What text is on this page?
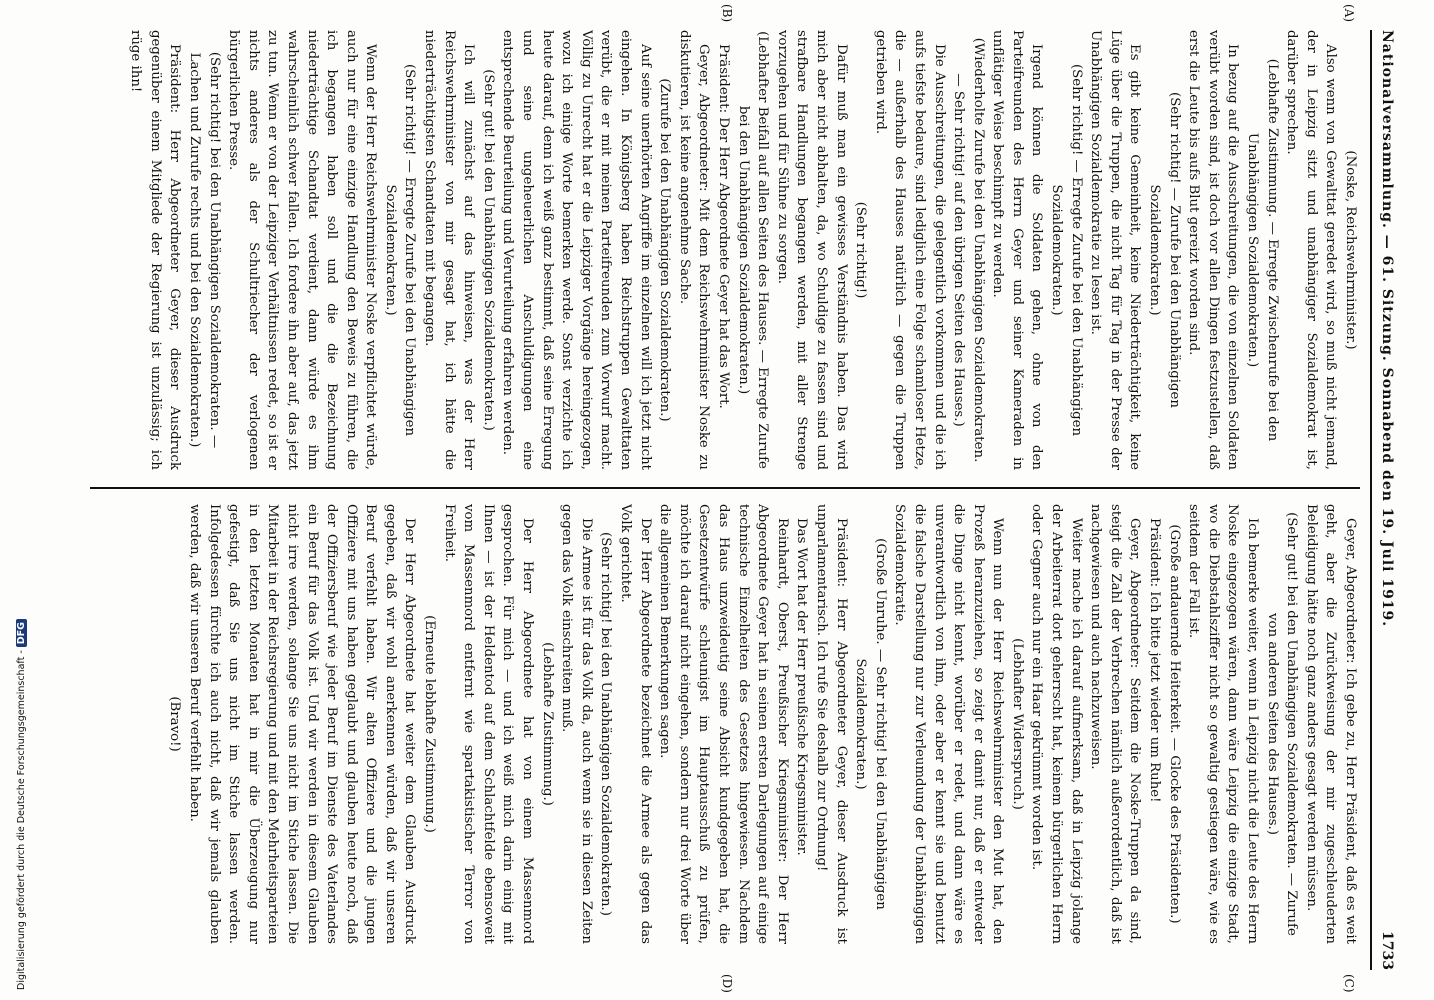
Nationalversammlung. — 61. Sitzung. Sonnabend den 19. Juli 1919.
1733
(A)
(B)
(C)
(D)

(Noske, Reichswehrminister.)

Also wenn von Gewalttat geredet wird, so muß nicht jemand, der in Leipzig sitzt und unabhängiger Sozialdemokrat ist, darüber sprechen.

(Lebhafte Zustimmung. — Erregte Zwischenrufe bei den Unabhängigen Sozialdemokraten.)

In bezug auf die Ausschreitungen, die von einzelnen Soldaten verübt worden sind, ist doch vor allen Dingen festzustellen, daß erst die Leute bis aufs Blut gereizt worden sind.

(Sehr richtig! — Zurufe bei den Unabhängigen Sozialdemokraten.)

Es gibt keine Gemeinheit, keine Niederträchtigkeit, keine Lüge über die Truppen, die nicht Tag für Tag in der Presse der Unabhängigen Sozialdemokratie zu lesen ist.

(Sehr richtig! — Erregte Zurufe bei den Unabhängigen Sozialdemokraten.)

Irgend können die Soldaten gehen, ohne von den Parteifreunden des Herrn Geyer und seiner Kameraden in unflätiger Weise beschimpft zu werden.

(Wiederholte Zurufe bei den Unabhängigen Sozialdemokraten. — Sehr richtig! auf den übrigen Seiten des Hauses.)

Die Ausschreitungen, die gelegentlich vorkommen und die ich aufs tiefste bedaure, sind lediglich eine Folge schamloser Hetze, die — außerhalb des Hauses natürlich — gegen die Truppen getrieben wird.

(Sehr richtig!)

Dafür muß man ein gewisses Verständnis haben. Das wird mich aber nicht abhalten, da, wo Schuldige zu fassen sind und strafbare Handlungen begangen werden, mit aller Strenge vorzugehen und für Sühne zu sorgen.

(Lebhafter Beifall auf allen Seiten des Hauses. — Erregte Zurufe bei den Unabhängigen Sozialdemokraten.)

Präsident: Der Herr Abgeordnete Geyer hat das Wort.

Geyer, Abgeordneter: Mit dem Reichswehrminister Noske zu diskutieren, ist keine angenehme Sache.

(Zurufe bei den Unabhängigen Sozialdemokraten.)

Auf seine unerhörten Angriffe im einzelnen will ich jetzt nicht eingehen. In Königsberg haben Reichstruppen Gewalttaten verübt, die er mit meinen Parteifreunden zum Vorwurf macht. Völlig zu Unrecht hat er die Leipziger Vorgänge hereingezogen, wozu ich einige Worte bemerken werde. Sonst verzichte ich heute darauf, denn ich weiß ganz bestimmt, daß seine Erregung und seine ungeheuerlichen Anschuldigungen eine entsprechende Beurteilung und Verurteilung erfahren werden.

(Sehr gut! bei den Unabhängigen Sozialdemokraten.)

Ich will zunächst auf das hinweisen, was der Herr Reichswehrminister von mir gesagt hat, ich hätte die niederträchtigsten Schandtaten mit begangen.

(Sehr richtig! — Erregte Zurufe bei den Unabhängigen Sozialdemokraten.)

Wenn der Herr Reichswehrminister Noske verpflichtet würde, auch nur für eine einzige Handlung den Beweis zu führen, die ich begangen haben soll und die die Bezeichnung niederträchtige Schandtat verdient, dann würde es ihm wahrscheinlich schwer fallen. Ich fordere ihn aber auf, das jetzt zu tun. Wenn er von der Leipziger Verhältnissen redet, so ist er nichts anderes als der Schultriecher der verlogenen bürgerlichen Presse.

(Sehr richtig! bei den Unabhängigen Sozialdemokraten. — Lachen und Zurufe rechts und bei den Sozialdemokraten.)

Präsident: Herr Abgeordneter Geyer, dieser Ausdruck gegenüber einem Mitgliede der Regierung ist unzulässig; ich rüge ihn!

Geyer, Abgeordneter: Ich gebe zu, Herr Präsident, daß es weit geht, aber die Zurückweisung der mir zugeschleuderten Beleidigung hätte noch ganz anders gesagt werden müssen.

(Sehr gut! bei den Unabhängigen Sozialdemokraten. — Zurufe von anderen Seiten des Hauses.)

Ich bemerke weiter, wenn in Leipzig nicht die Leute des Herrn Noske eingezogen wären, dann wäre Leipzig die einzige Stadt, wo die Diebstahlsziffer nicht so gewaltig gestiegen wäre, wie es seitdem der Fall ist.

(Große andauernde Heiterkeit. — Glocke des Präsidenten.)

Präsident: Ich bitte jetzt wieder um Ruhe!

Geyer, Abgeordneter: Seitdem die Noske-Truppen da sind, steigt die Zahl der Verbrechen nämlich außerordentlich, daß ist nachgewiesen und auch nachzuweisen.

Weiter mache ich darauf aufmerksam, daß in Leipzig jolange der Arbeiterrat dort geherrscht hat, keinem bürgerlichen Herrn oder Gegner auch nur ein Haar gekrümmt worden ist.

(Lebhafter Widerspruch.)

Wenn nun der Herr Reichswehrminister den Mut hat, den Prozeß heranzuziehen, so zeigt er damit nur, daß er entweder die Dinge nicht kennt, worüber er redet, und dann wäre es unverantwortlich von ihm, oder aber er kennt sie und benutzt die falsche Darstellung nur zur Verleumdung der Unabhängigen Sozialdemokratie.

(Große Unruhe. — Sehr richtig! bei den Unabhängigen Sozialdemokraten.)

Präsident: Herr Abgeordneter Geyer, dieser Ausdruck ist unparlamentarisch. Ich rufe Sie deshalb zur Ordnung!

Das Wort hat der Herr preußische Kriegsminister.

Reinhardt, Oberst, Preußischer Kriegsminister: Der Herr Abgeordnete Geyer hat in seinen ersten Darlegungen auf einige technische Einzelheiten des Gesetzes hingewiesen. Nachdem das Haus unzweideutig seine Absicht kundgegeben hat, die Gesetzentwürfe schleunigst im Hauptausschuß zu prüfen, möchte ich darauf nicht eingehen, sondern nur drei Worte über die allgemeinen Bemerkungen sagen.

Der Herr Abgeordnete bezeichnet die Armee als gegen das Volk gerichtet.

(Sehr richtig! bei den Unabhängigen Sozialdemokraten.)

Die Armee ist für das Volk da, auch wenn sie in diesen Zeiten gegen das Volk einschreiten muß.

(Lebhafte Zustimmung.)

Der Herr Abgeordnete hat von einem Massenmord gesprochen. Für mich — und ich weiß mich darin einig mit Ihnen — ist der Heldentod auf dem Schlachtfelde ebensoweit vom Massenmord entfernt wie spartakistischer Terror von Freiheit.

(Erneute lebhafte Zustimmung.)

Der Herr Abgeordnete hat weiter dem Glauben Ausdruck gegeben, daß wir wohl anerkennen würden, daß wir unseren Beruf verfehlt haben. Wir alten Offiziere und die jungen Offiziere mit uns haben geglaubt und glauben heute noch, daß der Offiziersberuf wie jeder Beruf im Dienste des Vaterlandes ein Beruf für das Volk ist. Und wir werden in diesem Glauben nicht irre werden, solange Sie uns nicht im Stiche lassen. Die Mitarbeit in der Reichsregierung und mit den Mehrheitsparteien in den letzten Monaten hat in mir die Überzeugung nur gefestigt, daß Sie uns nicht im Stiche lassen werden. Infolgedessen fürchte ich auch nicht, daß wir jemals glauben werden, daß wir unseren Beruf verfehlt haben.

(Bravo!)

Digitalisierung gefördert durch die Deutsche Forschungsgemeinschaft - DFG
